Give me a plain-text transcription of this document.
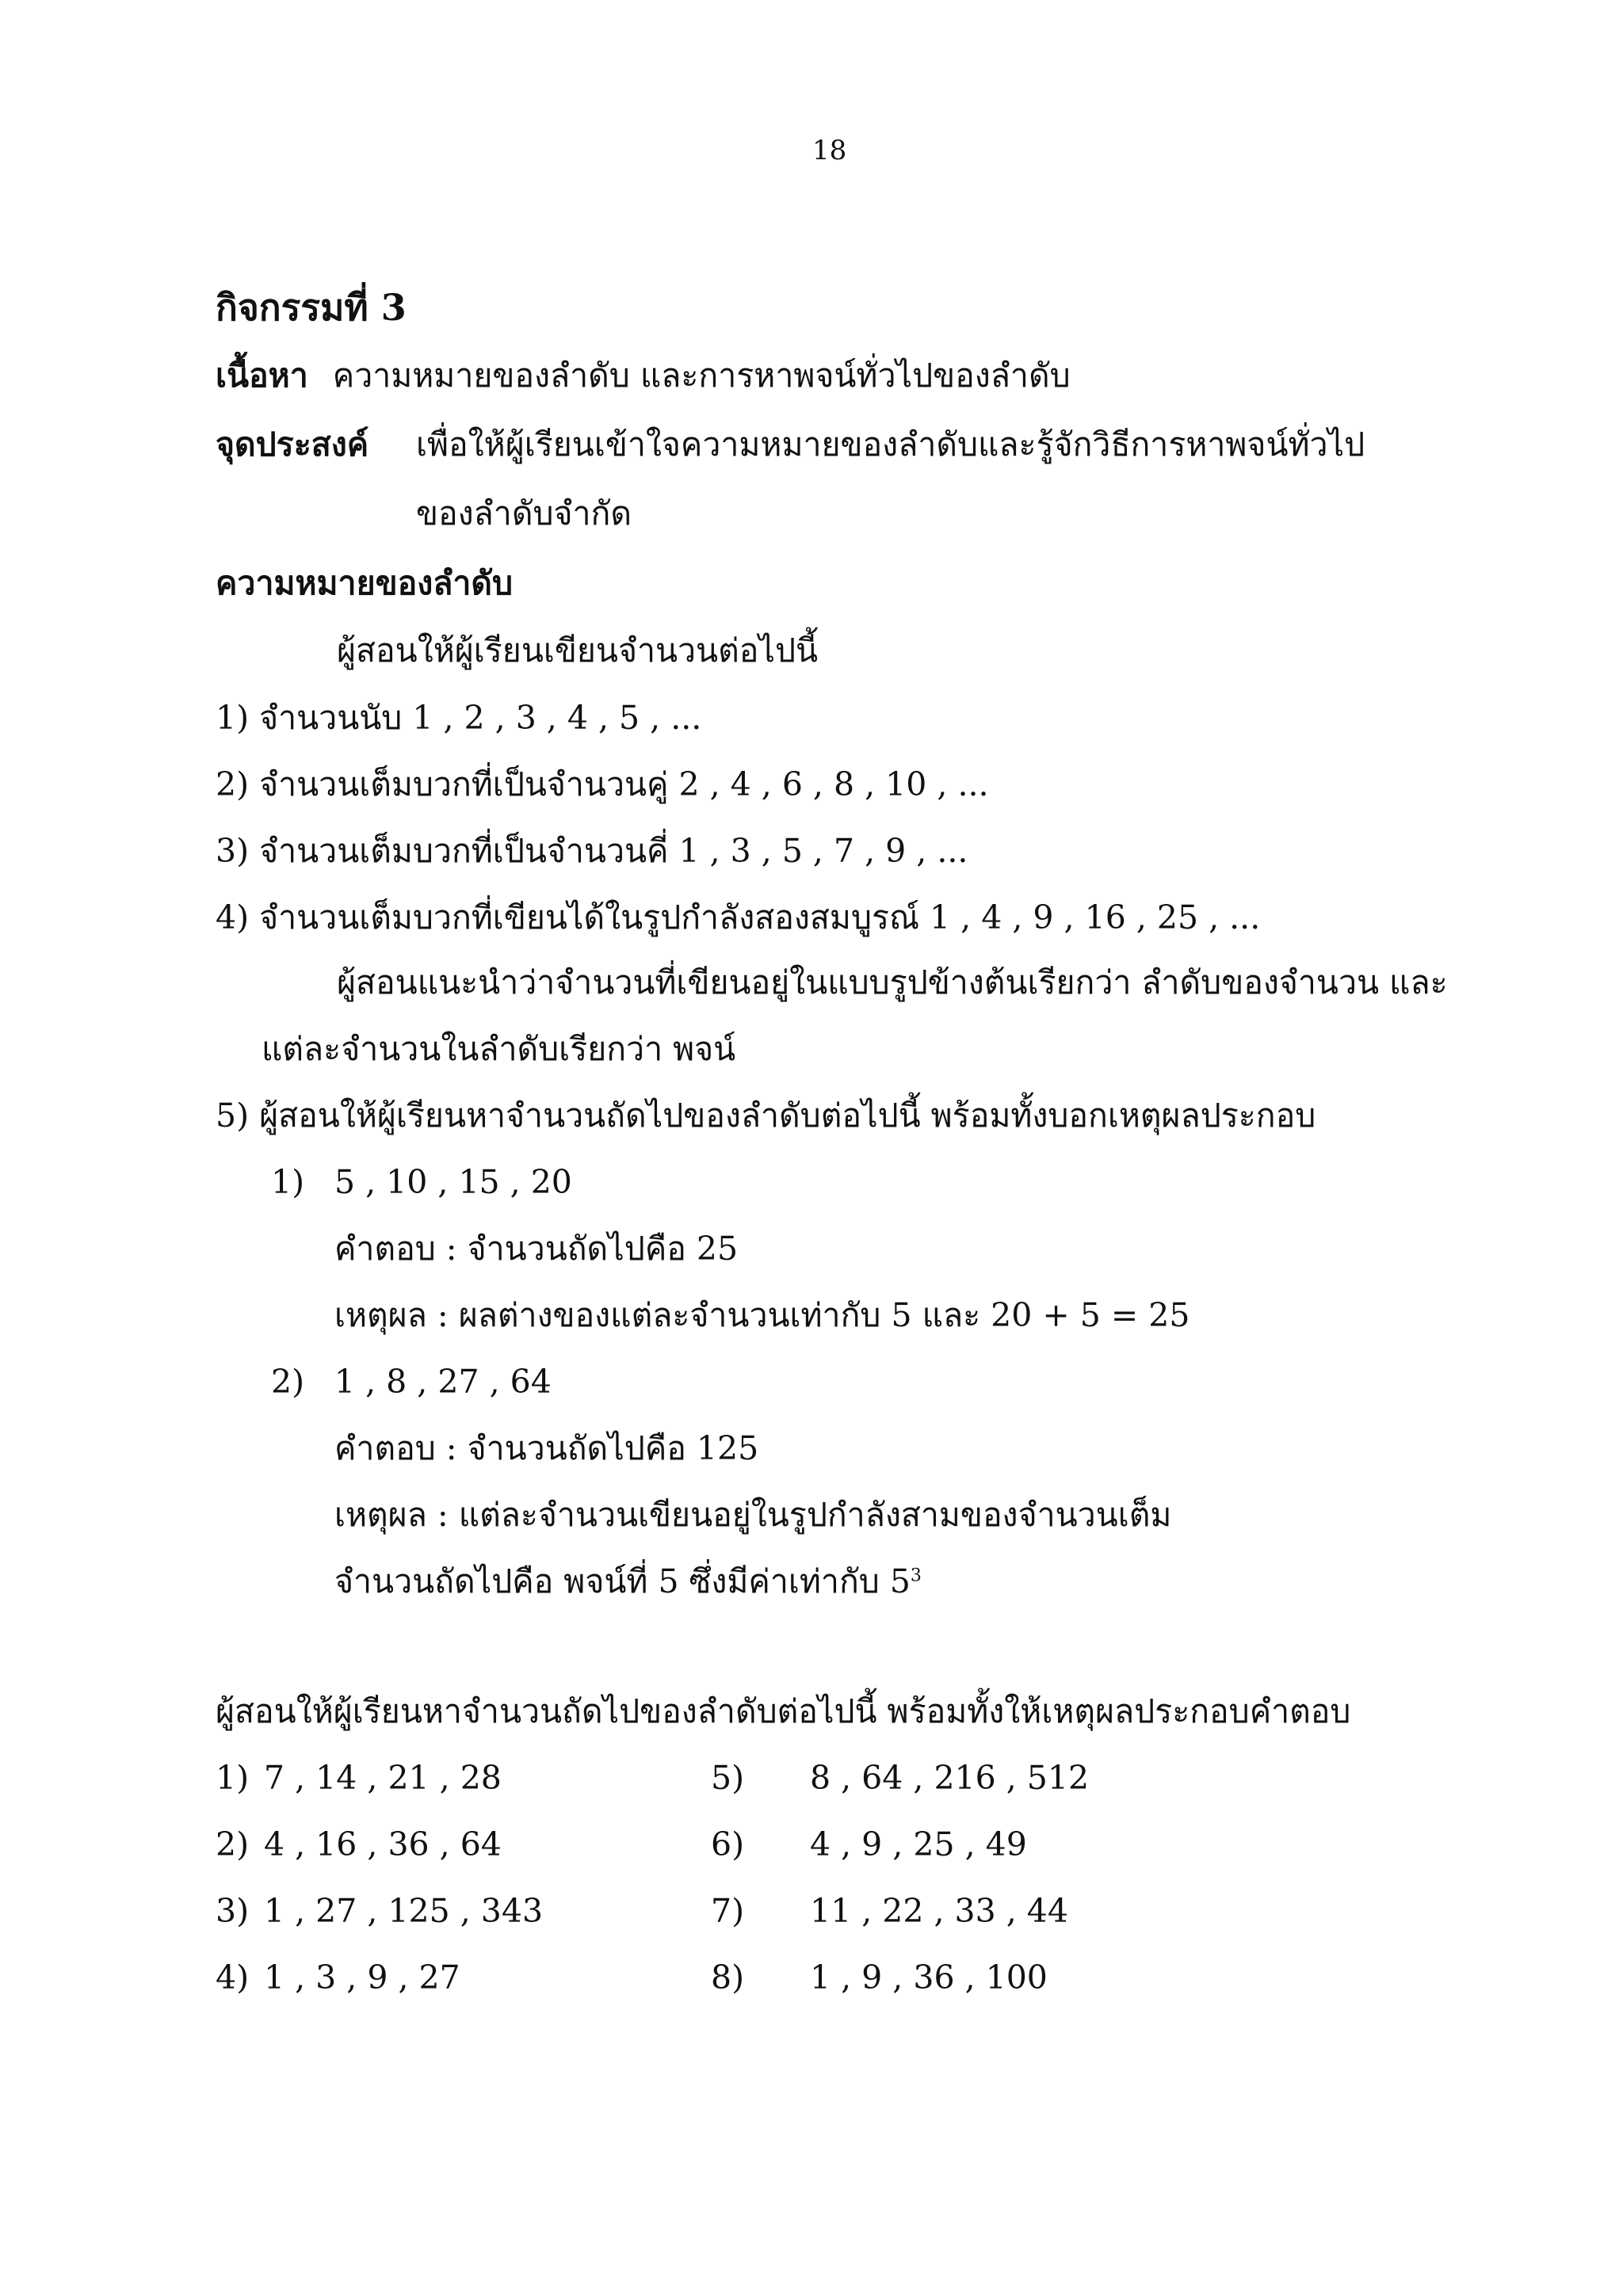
18
กิจกรรมที่ 3
เนื้อหา ความหมายของลำดับ และการหาพจน์ทั่วไปของลำดับ
จุดประสงค์ เพื่อให้ผู้เรียนเข้าใจความหมายของลำดับและรู้จักวิธีการหาพจน์ทั่วไป
ของลำดับจำกัด
ความหมายของลำดับ
ผู้สอนให้ผู้เรียนเขียนจำนวนต่อไปนี้
1) จำนวนนับ 1 , 2 , 3 , 4 , 5 , ...
2) จำนวนเต็มบวกที่เป็นจำนวนคู่ 2 , 4 , 6 , 8 , 10 , ...
3) จำนวนเต็มบวกที่เป็นจำนวนคี่ 1 , 3 , 5 , 7 , 9 , ...
4) จำนวนเต็มบวกที่เขียนได้ในรูปกำลังสองสมบูรณ์ 1 , 4 , 9 , 16 , 25 , ...
ผู้สอนแนะนำว่าจำนวนที่เขียนอยู่ในแบบรูปข้างต้นเรียกว่า ลำดับของจำนวน และ
แต่ละจำนวนในลำดับเรียกว่า พจน์
5) ผู้สอนให้ผู้เรียนหาจำนวนถัดไปของลำดับต่อไปนี้ พร้อมทั้งบอกเหตุผลประกอบ
1) 5 , 10 , 15 , 20
คำตอบ : จำนวนถัดไปคือ 25
เหตุผล : ผลต่างของแต่ละจำนวนเท่ากับ 5 และ 20 + 5 = 25
2) 1 , 8 , 27 , 64
คำตอบ : จำนวนถัดไปคือ 125
เหตุผล : แต่ละจำนวนเขียนอยู่ในรูปกำลังสามของจำนวนเต็ม
จำนวนถัดไปคือ พจน์ที่ 5 ซึ่งมีค่าเท่ากับ $5^3$
ผู้สอนให้ผู้เรียนหาจำนวนถัดไปของลำดับต่อไปนี้ พร้อมทั้งให้เหตุผลประกอบคำตอบ
1) 7 , 14 , 21 , 28
2) 4 , 16 , 36 , 64
3) 1 , 27 , 125 , 343
4) 1 , 3 , 9 , 27
5) 8 , 64 , 216 , 512
6) 4 , 9 , 25 , 49
7) 11 , 22 , 33 , 44
8) 1 , 9 , 36 , 100
